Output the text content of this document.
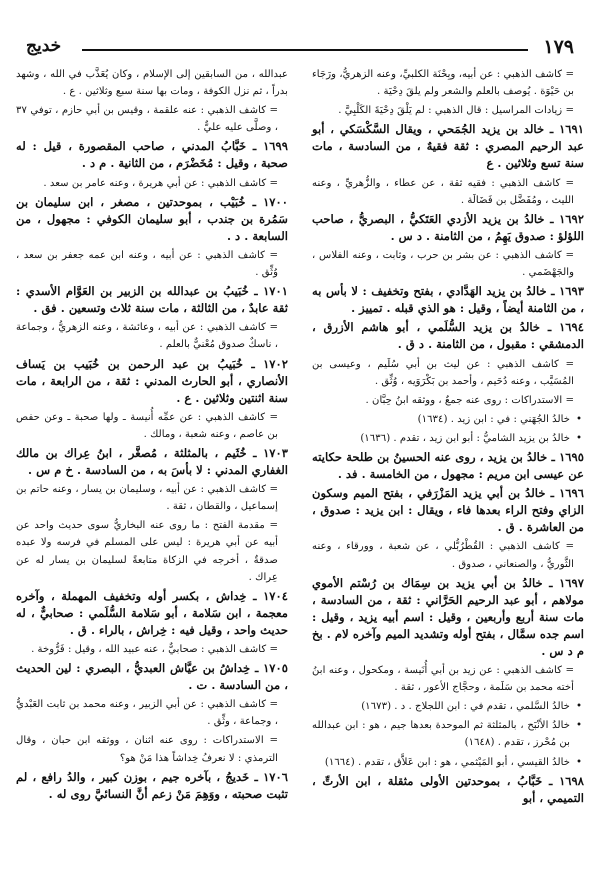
١٧٩
خديج
= كاشف الذهبي : عن أبيه، وبِحْنَة الكلبيِّ، وعنه الزهريُّ، ورَجَاء بن حَيْوَة . يُوصف بالعلم والشعر ولم يلقَ دِحْيَة .
= زيادات المراسيل : قال الذهبي : لم يَلْقَ دِحْيَةَ الكَلْبِيَّ .
١٦٩١ ـ خالد بن يزيد الجُمَحي ، ويقال السَّكْسَكي ، أبو عبد الرحيم المصري : ثقة فقيهٌ ، من السادسة ، مات سنة تسع وثلاثين . ع
= كاشف الذهبي : فقيه ثقة ، عن عطاء ، والزُّهريِّ ، وعنه الليث ، ومُفَضَّل بن فَضَالَة .
١٦٩٢ ـ خالدُ بن يزيد الأزدي العَتَكيُّ ، البصريُّ ، صاحب اللؤلؤ : صدوق يَهِمُ ، من الثامنة . د س .
= كاشف الذهبي : عن بشر بن حرب ، وثابت ، وعنه الفلاس ، والجَهْضَمي .
١٦٩٣ ـ خالدُ بن يزيد الهَدَّادي ، بفتح وتخفيف : لا بأس به ، من الثامنة أيضاً ، وقيل : هو الذي قبله . تمييز .
١٦٩٤ ـ خالدُ بن يزيد السُّلَمي ، أبو هاشم الأزرق ، الدمشقي : مقبول ، من الثامنة . د ق .
= كاشف الذهبي : عن ليث بن أبي سُلَيم ، وعيسى بن المُسَيَّب ، وعنه دُحَيم ، وأحمد بن بَكْرَوَيه ، وُثِّق .
= الاستدراكات : روى عنه جمعٌ ، ووثقه ابنُ حِبَّان .
• خالدُ الجُهَني : في : ابن زيد . (١٦٣٤)
• خالدُ بن يزيد الشاميُّ : أبو ابن زيد ، تقدم . (١٦٣٦)
١٦٩٥ ـ خالدُ بن يزيد ، روى عنه الحسينُ بن طلحة حكايته عن عيسى ابن مريم : مجهول ، من الخامسة . فد .
١٦٩٦ ـ خالدُ بن أبي يزيد المَزْرَفي ، بفتح الميم وسكون الزاي وفتح الراء بعدها فاء ، ويقال : ابن يزيد : صدوق ، من العاشرة . ق .
= كاشف الذهبي : القُطْرُبُّلي ، عن شعبة ، وورقاء ، وعنه الثَّوريُّ ، والصنعاني ، صدوق .
١٦٩٧ ـ خالدُ بن أبي يزيد بن سِمَاك بن رُسْتم الأموي مولاهم ، أبو عبد الرحيم الحَرَّاني : ثقة ، من السادسة ، مات سنة أربع وأربعين ، وقيل : اسم أبيه يزيد ، وقيل : اسم جده سمَّال ، بفتح أوله وتشديد الميم وآخره لام . بخ م د س .
= كاشف الذهبي : عن زيد بن أبي أُنَيسة ، ومكحول ، وعنه ابنُ أخته محمد بن سَلَمة ، وحجَّاج الأعور ، ثقة .
• خالدُ السَّلمي ، تقدم في : ابن اللجلاج . د . (١٦٧٣)
• خالدُ الأنْبَح ، بالمثلثة ثم الموحدة بعدها جيم ، هو : ابن عبدالله بن مُحْرز ، تقدم . (١٦٤٨)
• خالدُ القيسي ، أبو المَيْثمي ، هو : ابن عَلاَّق ، تقدم . (١٦٦٤)
١٦٩٨ ـ خَبَّابُ ، بموحدتين الأولى مثقلة ، ابن الأرتِّ ، التميمي ، أبو
عبدالله ، من السابقين إلى الإسلام ، وكان يُعَذَّب في الله ، وشهد بدراً ، ثم نزل الكوفة ، ومات بها سنة سبع وثلاثين . ع .
= كاشف الذهبي : عنه علقمة ، وقيس بن أبي حازم ، توفي ٣٧ ، وصلَّى عليه عليٌّ .
١٦٩٩ ـ خَبَّابُ المدني ، صاحب المقصورة ، قيل : له صحبة ، وقيل : مُخَضْرَم ، من الثانية . م د .
= كاشف الذهبي : عن أبي هريرة ، وعنه عامر بن سعد .
١٧٠٠ ـ خُبَيْب ، بموحدتين ، مصغر ، ابن سليمان بن سَمُرة بن جندب ، أبو سليمان الكوفي : مجهول ، من السابعة . د .
= كاشف الذهبي : عن أبيه ، وعنه ابن عمه جعفر بن سعد ، وُثِّق .
١٧٠١ ـ خُبَيبُ بن عبدالله بن الزبير بن العَوَّام الأسدي : ثقة عابدٌ ، من الثالثة ، مات سنة ثلاث وتسعين . فق .
= كاشف الذهبي : عن أبيه ، وعائشة ، وعنه الزهريُّ ، وجماعة ، ناسكٌ صدوق مُعْنيٌّ بالعلم .
١٧٠٢ ـ خُبَيبُ بن عبد الرحمن بن خُبَيب بن يَساف الأنصاري ، أبو الحارث المدني : ثقة ، من الرابعة ، مات سنة اثنتين وثلاثين . ع .
= كاشف الذهبي : عن عمِّه أُنيسة ـ ولها صحبة ـ وعن حفص بن عاصم ، وعنه شعبة ، ومالك .
١٧٠٣ ـ خُثَيم ، بالمثلثة ، مُصغَّر ، ابنُ عِراك بن مالك الغفاري المدني : لا بأسَ به ، من السادسة . خ م س .
= كاشف الذهبي : عن أبيه ، وسليمان بن يسار ، وعنه حاتم بن إسماعيل ، والقطان ، ثقة .
= مقدمة الفتح : ما روى عنه البخاريُّ سوى حديث واحد عن أبيه عن أبي هريرة : ليس على المسلم في فرسه ولا عبده صدقةٌ ، أخرجه في الزكاة متابعةً لسليمان بن يسار له عن عِراك .
١٧٠٤ ـ خِداش ، بكسر أوله وتخفيف المهملة ، وآخره معجمة ، ابن سَلامة ، أبو سَلامة السُّلَمي : صحابيٌّ ، له حديث واحد ، وقيل فيه : خِراش ، بالراء . ق .
= كاشف الذهبي : صحابيٌّ ، عنه عبيد الله ، وقيل : فَرُّوخة .
١٧٠٥ ـ خِداشُ بن عيَّاش العبديُّ ، البصري : لين الحديث ، من السادسة . ت .
= كاشف الذهبي : عن أبي الزبير ، وعنه محمد بن ثابت العَبْديُّ ، وجماعة ، وثِّق .
= الاستدراكات : روى عنه اثنان ، ووثقه ابن حبان ، وقال الترمذي : لا نعرفُ خِداشاً هذا مَنْ هو؟
١٧٠٦ ـ خَديجُ ، بآخره جيم ، بوزن كبير ، والدُ رافع ، لم تثبت صحبته ، ووَهِمَ مَنْ زعم أنَّ النسائيَّ روى له .
